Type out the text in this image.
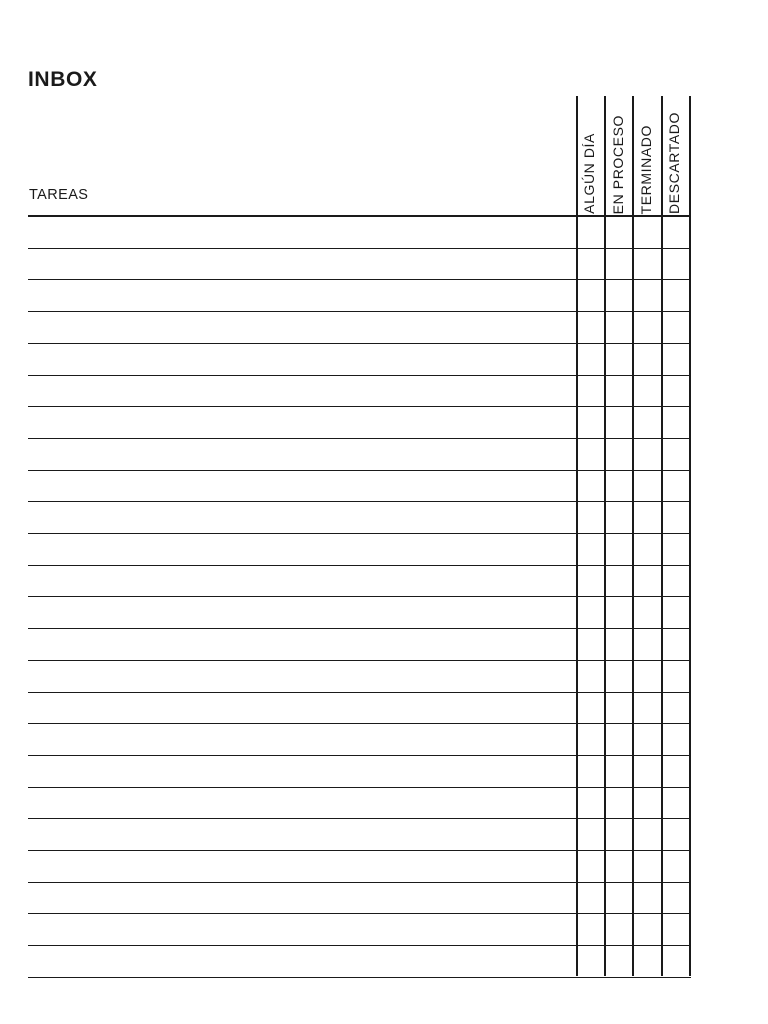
INBOX
TAREAS	ALGÚN DÍA EN PROCESO TERMINADO DESCARTADO
